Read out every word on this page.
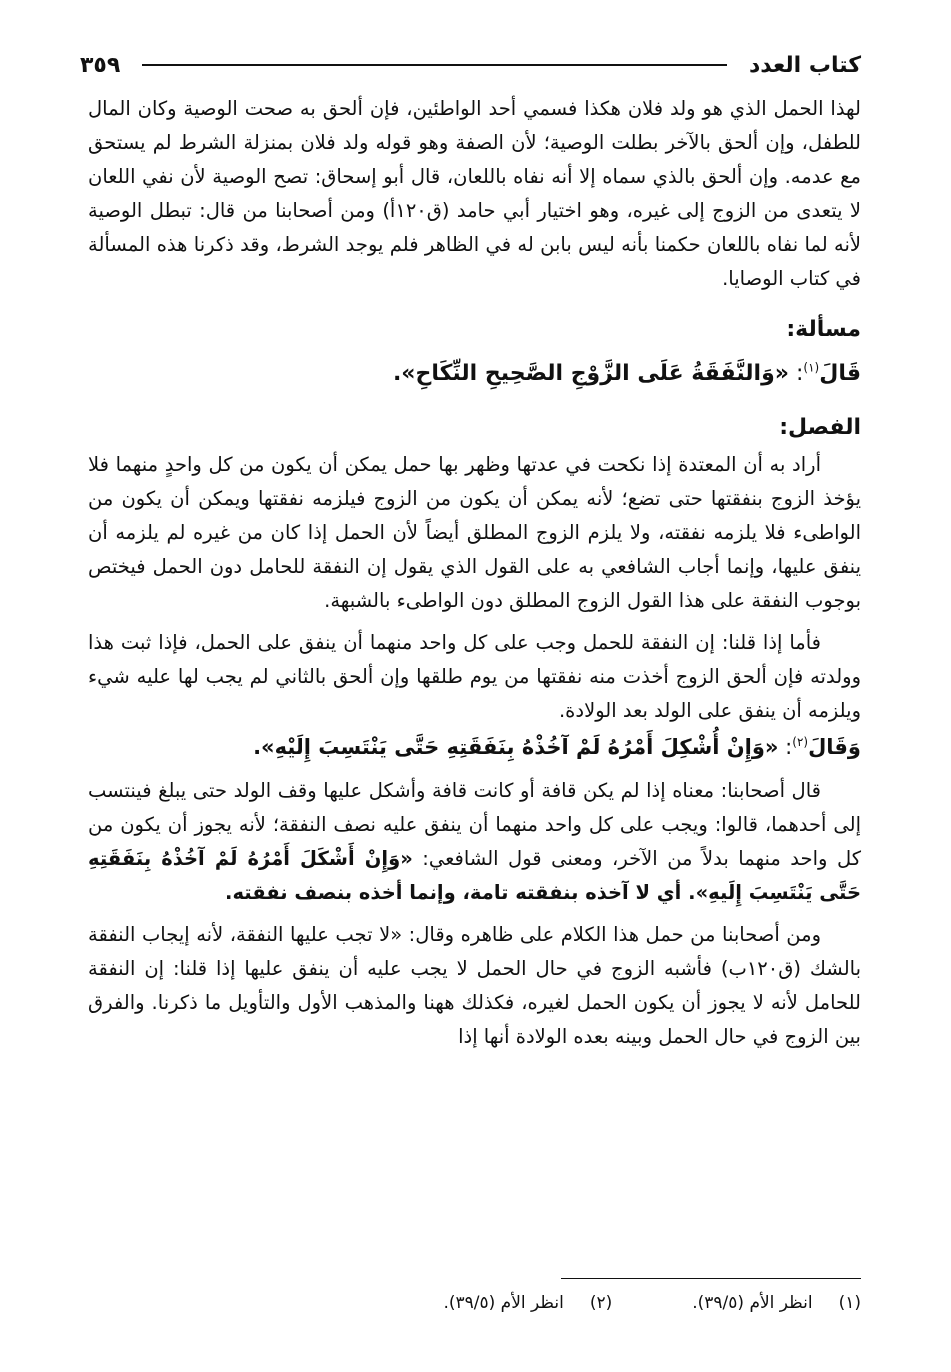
كتاب العدد
٣٥٩

لهذا الحمل الذي هو ولد فلان هكذا فسمي أحد الواطئين، فإن ألحق به صحت الوصية وكان المال للطفل، وإن ألحق بالآخر بطلت الوصية؛ لأن الصفة وهو قوله ولد فلان بمنزلة الشرط لم يستحق مع عدمه. وإن ألحق بالذي سماه إلا أنه نفاه باللعان، قال أبو إسحاق: تصح الوصية لأن نفي اللعان لا يتعدى من الزوج إلى غيره، وهو اختيار أبي حامد (ق١٢٠أ) ومن أصحابنا من قال: تبطل الوصية لأنه لما نفاه باللعان حكمنا بأنه ليس بابن له في الظاهر فلم يوجد الشرط، وقد ذكرنا هذه المسألة في كتاب الوصايا.

مسألة:
قَالَ$^{(١)}$: «وَالنَّفَقَةُ عَلَى الزَّوْجِ الصَّحِيحِ النِّكَاحِ».
الفصل:

أراد به أن المعتدة إذا نكحت في عدتها وظهر بها حمل يمكن أن يكون من كل واحدٍ منهما فلا يؤخذ الزوج بنفقتها حتى تضع؛ لأنه يمكن أن يكون من الزوج فيلزمه نفقتها ويمكن أن يكون من الواطىء فلا يلزمه نفقته، ولا يلزم الزوج المطلق أيضاً لأن الحمل إذا كان من غيره لم يلزمه أن ينفق عليها، وإنما أجاب الشافعي به على القول الذي يقول إن النفقة للحامل دون الحمل فيختص بوجوب النفقة على هذا القول الزوج المطلق دون الواطىء بالشبهة.

فأما إذا قلنا: إن النفقة للحمل وجب على كل واحد منهما أن ينفق على الحمل، فإذا ثبت هذا وولدته فإن ألحق الزوج أخذت منه نفقتها من يوم طلقها وإن ألحق بالثاني لم يجب لها عليه شيء ويلزمه أن ينفق على الولد بعد الولادة.

وَقَالَ$^{(٢)}$: «وَإِنْ أُشْكِلَ أَمْرُهُ لَمْ آخُذْهُ بِنَفَقَتِهِ حَتَّى يَنْتَسِبَ إِلَيْهِ».

قال أصحابنا: معناه إذا لم يكن قافة أو كانت قافة وأشكل عليها وقف الولد حتى يبلغ فينتسب إلى أحدهما، قالوا: ويجب على كل واحد منهما أن ينفق عليه نصف النفقة؛ لأنه يجوز أن يكون من كل واحد منهما بدلاً من الآخر، ومعنى قول الشافعي: «وَإِنْ أَشْكَلَ أَمْرُهُ لَمْ آخُذْهُ بِنَفَقَتِهِ حَتَّى يَنْتَسِبَ إِلَيهِ». أي لا آخذه بنفقته تامة، وإنما أخذه بنصف نفقته.

ومن أصحابنا من حمل هذا الكلام على ظاهره وقال: «لا تجب عليها النفقة، لأنه إيجاب النفقة بالشك (ق١٢٠ب) فأشبه الزوج في حال الحمل لا يجب عليه أن ينفق عليها إذا قلنا: إن النفقة للحامل لأنه لا يجوز أن يكون الحمل لغيره، فكذلك ههنا والمذهب الأول والتأويل ما ذكرنا. والفرق بين الزوج في حال الحمل وبينه بعده الولادة أنها إذا

(١)
انظر الأم (٣٩/٥).
(٢)
انظر الأم (٣٩/٥).
